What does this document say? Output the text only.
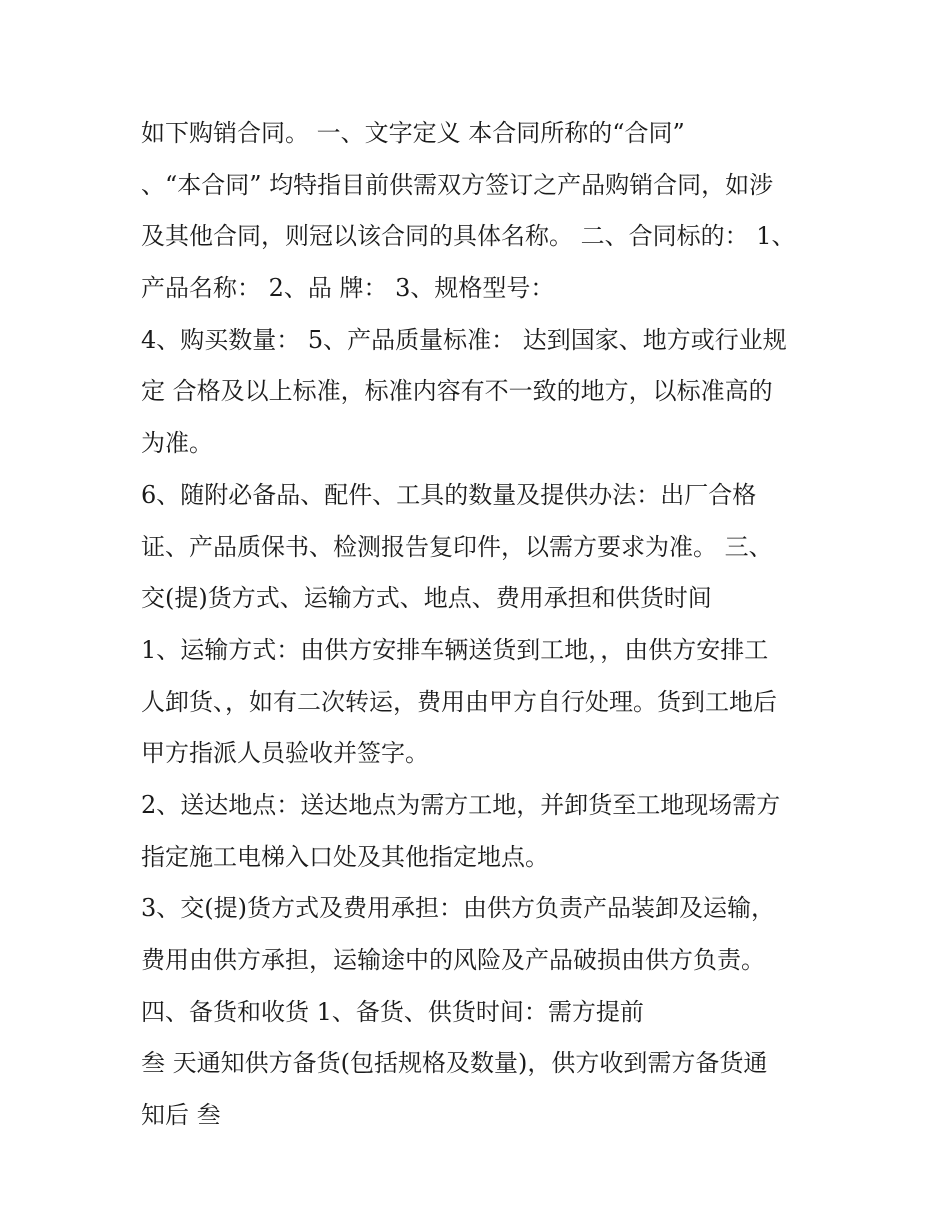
如下购销合同。 一、文字定义 本合同所称的“合同”
、“本合同” 均特指目前供需双方签订之产品购销合同，如涉
及其他合同，则冠以该合同的具体名称。 二、合同标的： 1、
产品名称： 2、品 牌： 3、规格型号：
4、购买数量： 5、产品质量标准： 达到国家、地方或行业规
定 合格及以上标准，标准内容有不一致的地方，以标准高的
为准。
6、随附必备品、配件、工具的数量及提供办法：出厂合格
证、产品质保书、检测报告复印件，以需方要求为准。 三、
交(提)货方式、运输方式、地点、费用承担和供货时间
1、运输方式：由供方安排车辆送货到工地，，由供方安排工
人卸货、，如有二次转运，费用由甲方自行处理。货到工地后
甲方指派人员验收并签字。
2、送达地点：送达地点为需方工地，并卸货至工地现场需方
指定施工电梯入口处及其他指定地点。
3、交(提)货方式及费用承担：由供方负责产品装卸及运输，
费用由供方承担，运输途中的风险及产品破损由供方负责。
四、备货和收货 1、备货、供货时间：需方提前
叁 天通知供方备货(包括规格及数量)，供方收到需方备货通
知后 叁
